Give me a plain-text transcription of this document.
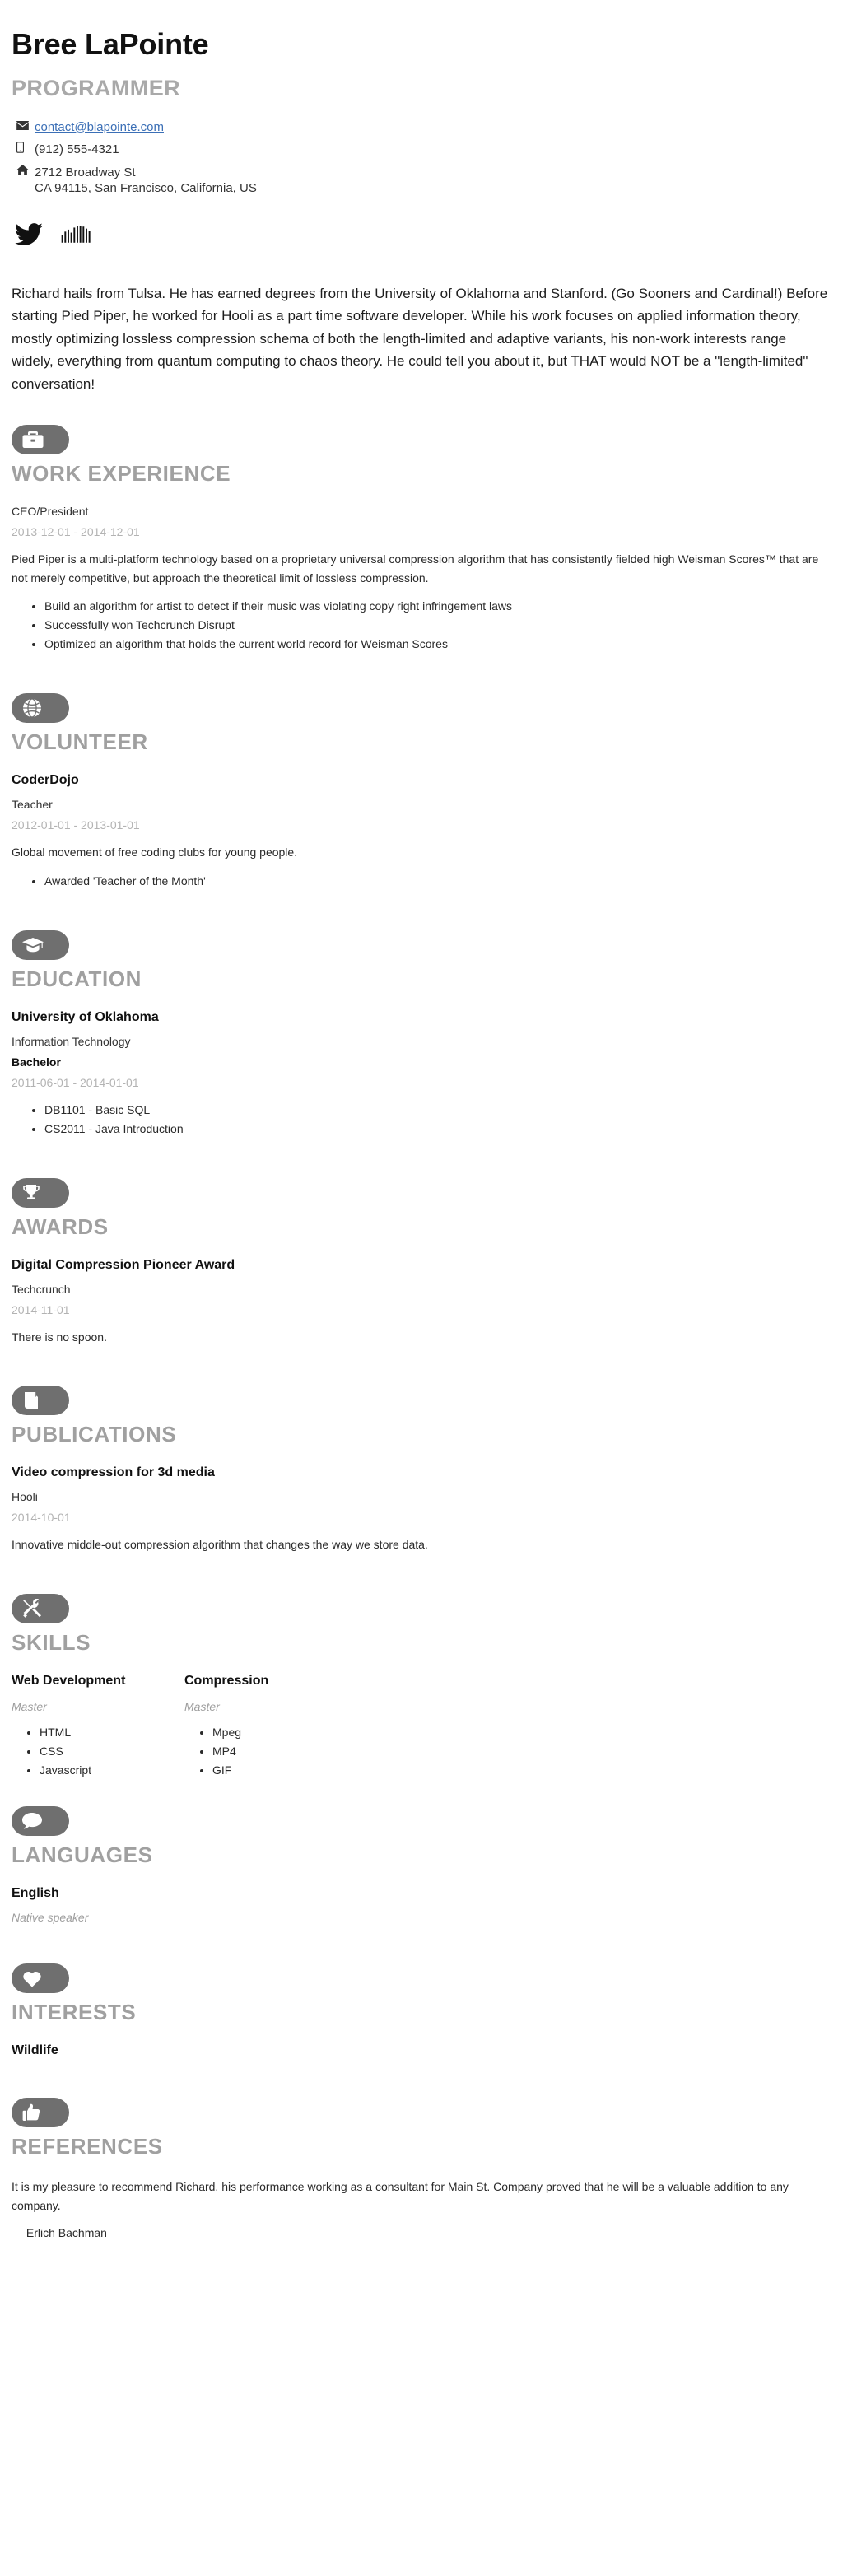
Bree LaPointe
PROGRAMMER
contact@blapointe.com
(912) 555-4321
2712 Broadway St
CA 94115, San Francisco, California, US

Richard hails from Tulsa. He has earned degrees from the University of Oklahoma and Stanford. (Go Sooners and Cardinal!) Before starting Pied Piper, he worked for Hooli as a part time software developer. While his work focuses on applied information theory, mostly optimizing lossless compression schema of both the length-limited and adaptive variants, his non-work interests range widely, everything from quantum computing to chaos theory. He could tell you about it, but THAT would NOT be a "length-limited" conversation!

WORK EXPERIENCE
CEO/President
2013-12-01 - 2014-12-01
Pied Piper is a multi-platform technology based on a proprietary universal compression algorithm that has consistently fielded high Weisman Scores™ that are not merely competitive, but approach the theoretical limit of lossless compression.
• Build an algorithm for artist to detect if their music was violating copy right infringement laws
• Successfully won Techcrunch Disrupt
• Optimized an algorithm that holds the current world record for Weisman Scores
VOLUNTEER
CoderDojo
Teacher
2012-01-01 - 2013-01-01
Global movement of free coding clubs for young people.
• Awarded 'Teacher of the Month'
EDUCATION
University of Oklahoma
Information Technology
Bachelor
2011-06-01 - 2014-01-01
• DB1101 - Basic SQL
• CS2011 - Java Introduction
AWARDS
Digital Compression Pioneer Award
Techcrunch
2014-11-01
There is no spoon.
PUBLICATIONS
Video compression for 3d media
Hooli
2014-10-01
Innovative middle-out compression algorithm that changes the way we store data.
SKILLS
Web Development
Master
• HTML
• CSS
• Javascript
Compression
Master
• Mpeg
• MP4
• GIF
LANGUAGES
English
Native speaker
INTERESTS
Wildlife
REFERENCES
It is my pleasure to recommend Richard, his performance working as a consultant for Main St. Company proved that he will be a valuable addition to any company.
— Erlich Bachman
